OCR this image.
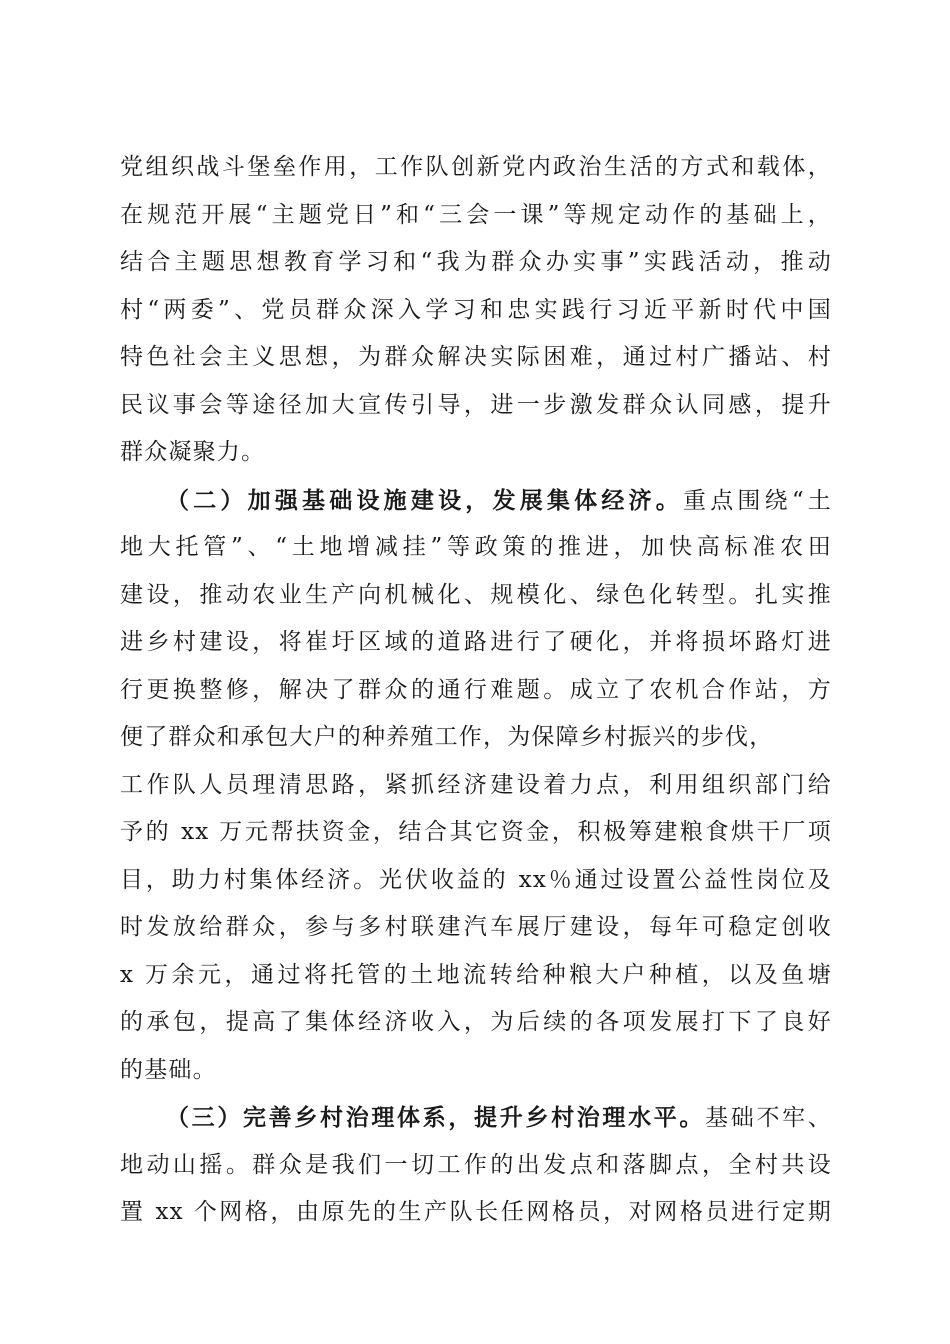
党组织战斗堡垒作用，工作队创新党内政治生活的方式和载体，
在规范开展“主题党日”和“三会一课”等规定动作的基础上，
结合主题思想教育学习和“我为群众办实事”实践活动，推动
村“两委”、党员群众深入学习和忠实践行习近平新时代中国
特色社会主义思想，为群众解决实际困难，通过村广播站、村
民议事会等途径加大宣传引导，进一步激发群众认同感，提升
群众凝聚力。
（二）加强基础设施建设，发展集体经济。重点围绕“土
地大托管”、“土地增减挂”等政策的推进，加快高标准农田
建设，推动农业生产向机械化、规模化、绿色化转型。扎实推
进乡村建设，将崔圩区域的道路进行了硬化，并将损坏路灯进
行更换整修，解决了群众的通行难题。成立了农机合作站，方
便了群众和承包大户的种养殖工作，为保障乡村振兴的步伐，
工作队人员理清思路，紧抓经济建设着力点，利用组织部门给
予的 xx 万元帮扶资金，结合其它资金，积极筹建粮食烘干厂项
目，助力村集体经济。光伏收益的 xx％通过设置公益性岗位及
时发放给群众，参与多村联建汽车展厅建设，每年可稳定创收
x 万余元，通过将托管的土地流转给种粮大户种植，以及鱼塘
的承包，提高了集体经济收入，为后续的各项发展打下了良好
的基础。
（三）完善乡村治理体系，提升乡村治理水平。基础不牢、
地动山摇。群众是我们一切工作的出发点和落脚点，全村共设
置 xx 个网格，由原先的生产队长任网格员，对网格员进行定期
